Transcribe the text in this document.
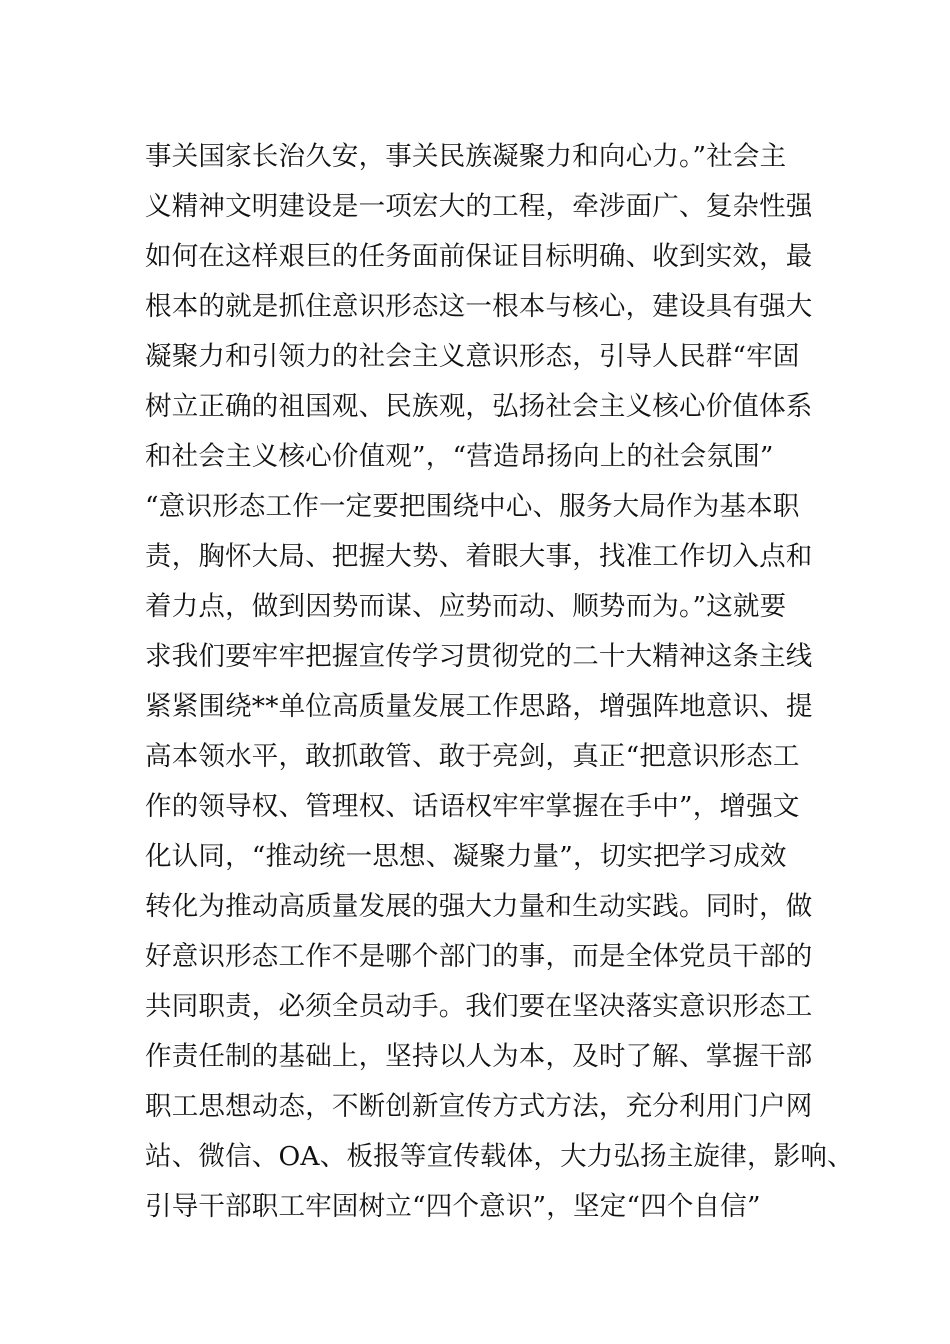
事关国家长治久安，事关民族凝聚力和向心力。”社会主
义精神文明建设是一项宏大的工程，牵涉面广、复杂性强
如何在这样艰巨的任务面前保证目标明确、收到实效，最
根本的就是抓住意识形态这一根本与核心，建设具有强大
凝聚力和引领力的社会主义意识形态，引导人民群“牢固
树立正确的祖国观、民族观，弘扬社会主义核心价值体系
和社会主义核心价值观”，“营造昂扬向上的社会氛围”
“意识形态工作一定要把围绕中心、服务大局作为基本职
责，胸怀大局、把握大势、着眼大事，找准工作切入点和
着力点，做到因势而谋、应势而动、顺势而为。”这就要
求我们要牢牢把握宣传学习贯彻党的二十大精神这条主线
紧紧围绕**单位高质量发展工作思路，增强阵地意识、提
高本领水平，敢抓敢管、敢于亮剑，真正“把意识形态工
作的领导权、管理权、话语权牢牢掌握在手中”，增强文
化认同，“推动统一思想、凝聚力量”，切实把学习成效
转化为推动高质量发展的强大力量和生动实践。同时，做
好意识形态工作不是哪个部门的事，而是全体党员干部的
共同职责，必须全员动手。我们要在坚决落实意识形态工
作责任制的基础上，坚持以人为本，及时了解、掌握干部
职工思想动态，不断创新宣传方式方法，充分利用门户网
站、微信、OA、板报等宣传载体，大力弘扬主旋律，影响、
引导干部职工牢固树立“四个意识”，坚定“四个自信”
